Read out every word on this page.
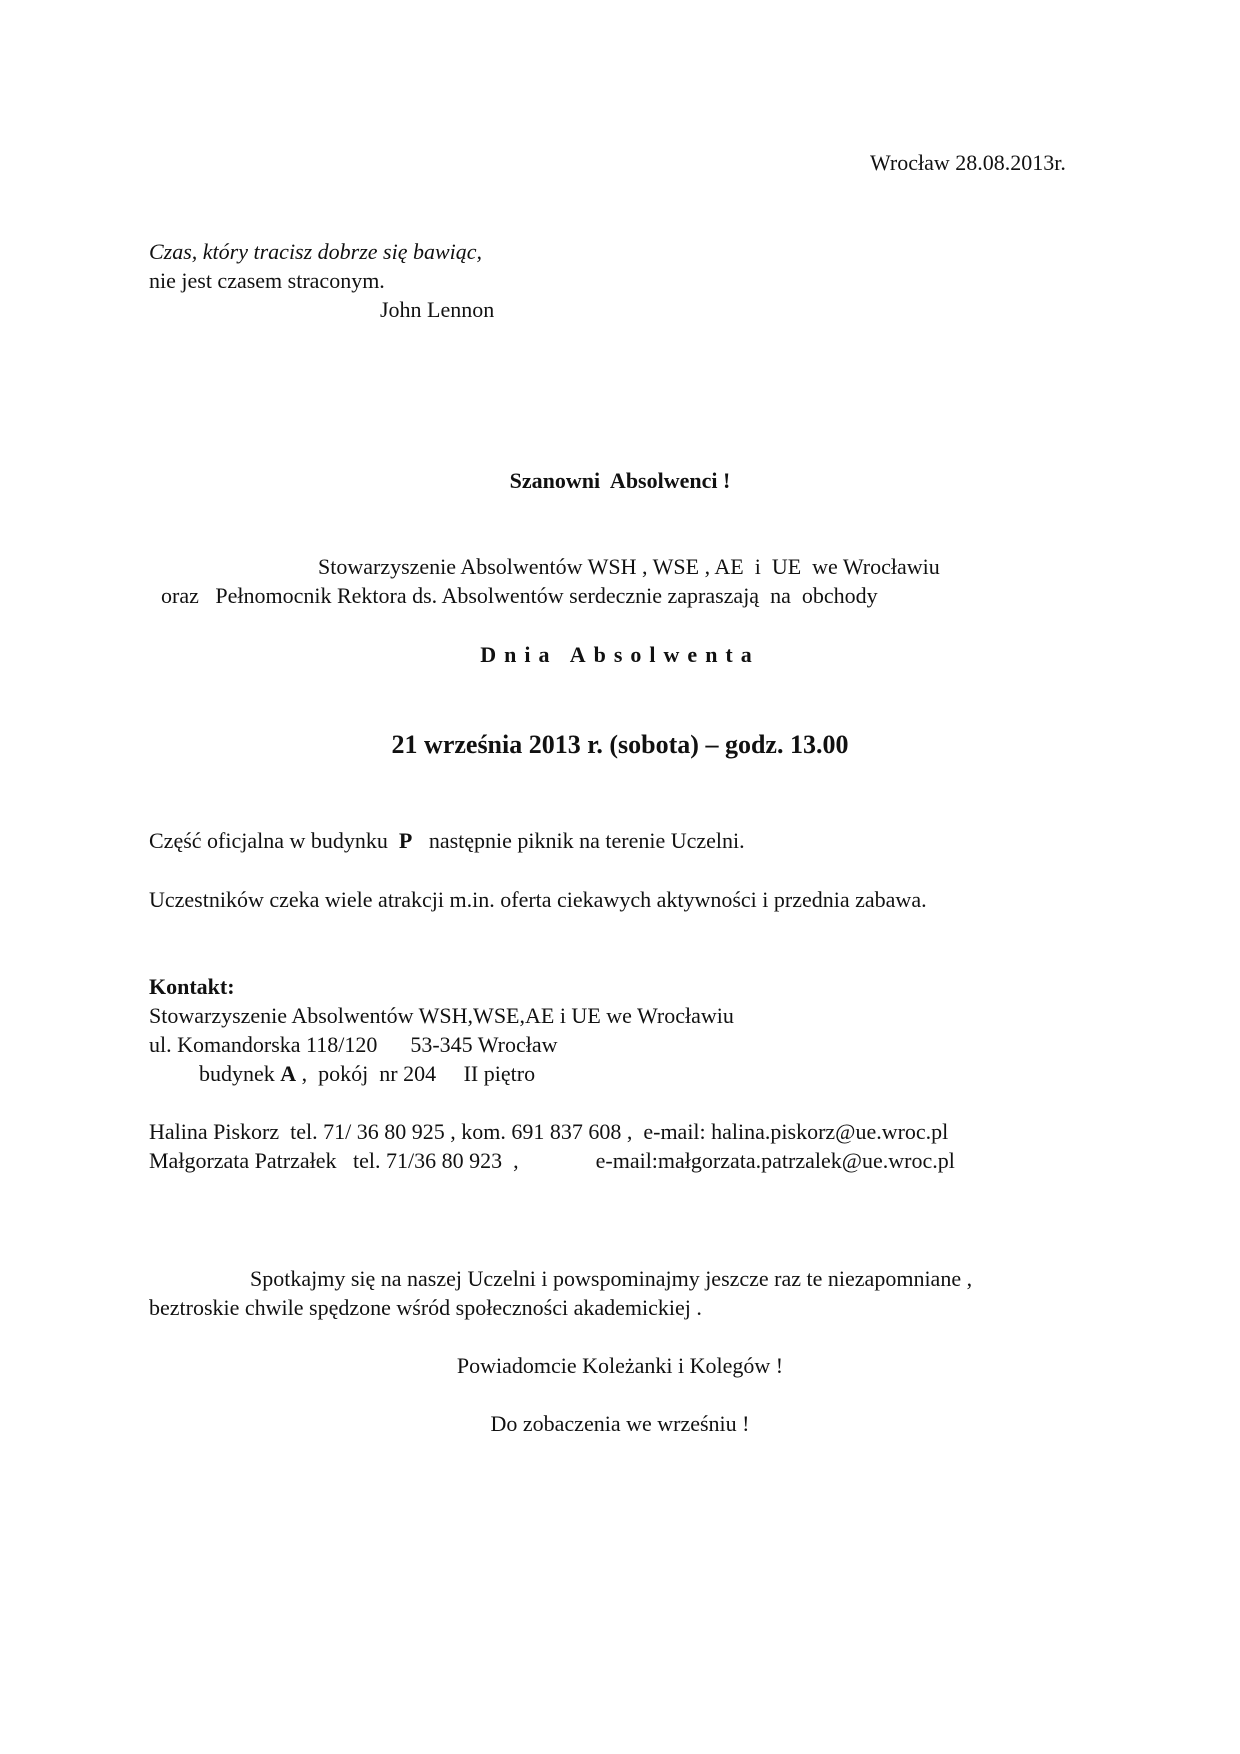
Wrocław 28.08.2013r.
Czas, który tracisz dobrze się bawiąc,
nie jest czasem straconym.
John Lennon
Szanowni  Absolwenci !
Stowarzyszenie Absolwentów WSH , WSE , AE  i  UE  we Wrocławiu
oraz   Pełnomocnik Rektora ds. Absolwentów serdecznie zapraszają  na  obchody
Dnia Absolwenta
21 września 2013 r. (sobota) – godz. 13.00
Część oficjalna w budynku  P   następnie piknik na terenie Uczelni.
Uczestników czeka wiele atrakcji m.in. oferta ciekawych aktywności i przednia zabawa.
Kontakt:
Stowarzyszenie Absolwentów WSH,WSE,AE i UE we Wrocławiu
ul. Komandorska 118/120      53-345 Wrocław
budynek A ,  pokój  nr 204     II piętro
Halina Piskorz  tel. 71/ 36 80 925 , kom. 691 837 608 ,  e-mail: halina.piskorz@ue.wroc.pl
Małgorzata Patrzałek   tel. 71/36 80 923  ,              e-mail:małgorzata.patrzalek@ue.wroc.pl
Spotkajmy się na naszej Uczelni i powspominajmy jeszcze raz te niezapomniane ,
beztroskie chwile spędzone wśród społeczności akademickiej .
Powiadomcie Koleżanki i Kolegów !
Do zobaczenia we wrześniu !
